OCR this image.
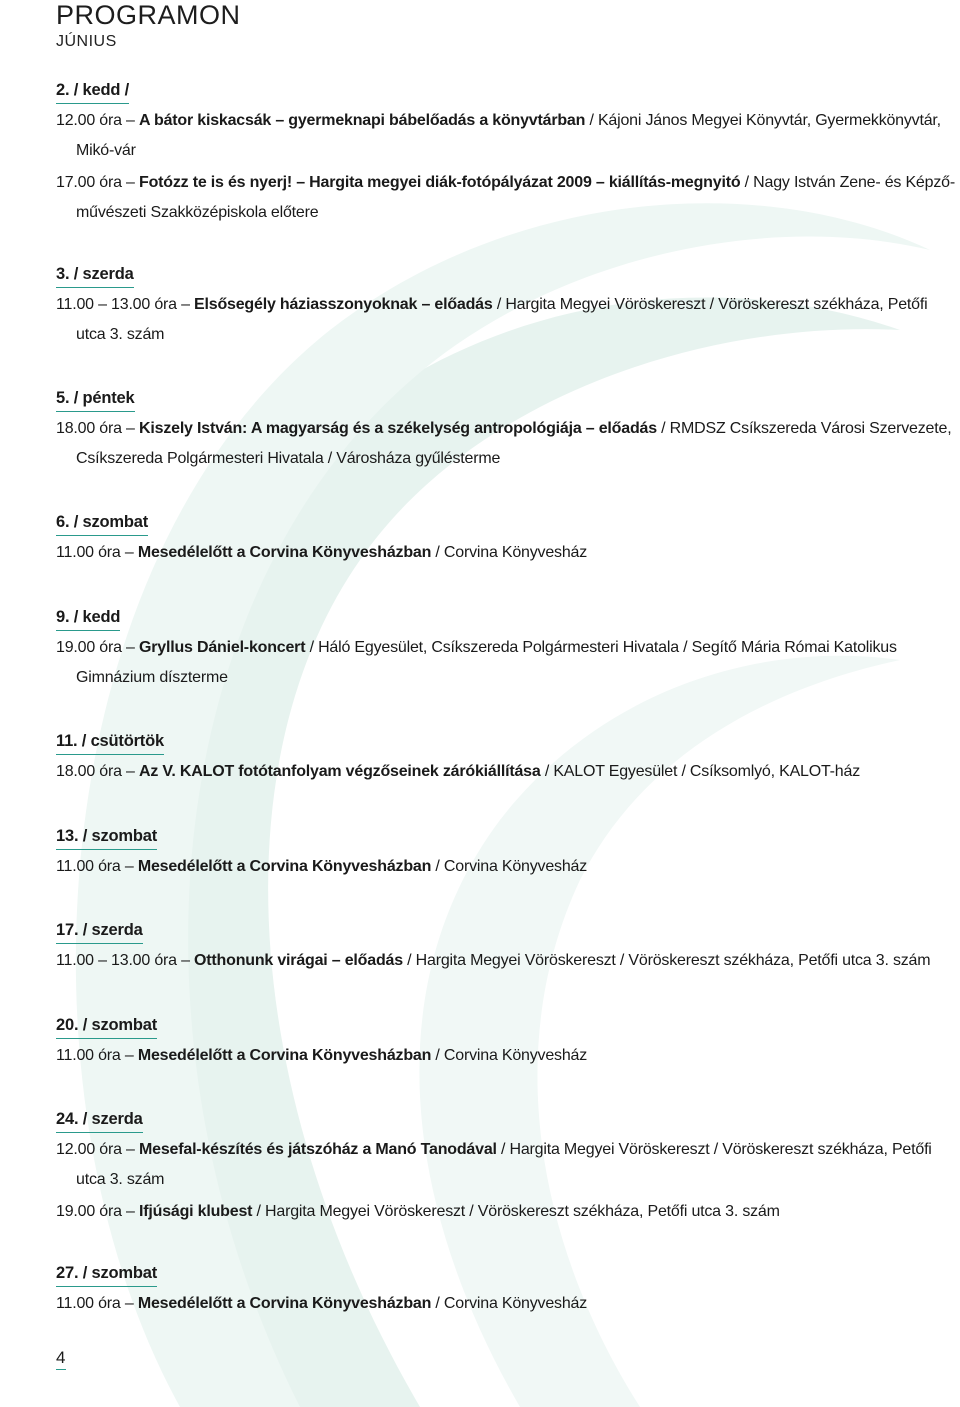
PROGRAMON
JÚNIUS
2. / kedd /
12.00 óra – A bátor kiskacsák – gyermeknapi bábelőadás a könyvtárban / Kájoni János Megyei Könyvtár, Gyermekkönyvtár, Mikó-vár
17.00 óra – Fotózz te is és nyerj! – Hargita megyei diák-fotópályázat 2009 – kiállítás-megnyitó / Nagy István Zene- és Képző-művészeti Szakközépiskola előtere
3. / szerda
11.00 – 13.00 óra – Elsősegély háziasszonyoknak – előadás / Hargita Megyei Vöröskereszt / Vöröskereszt székháza, Petőfi utca 3. szám
5. / péntek
18.00 óra – Kiszely István: A magyarság és a székelység antropológiája – előadás / RMDSZ Csíkszereda Városi Szervezete, Csíkszereda Polgármesteri Hivatala / Városháza gyűlésterme
6. / szombat
11.00 óra – Mesedélelőtt a Corvina Könyvesházban / Corvina Könyvesház
9. / kedd
19.00 óra – Gryllus Dániel-koncert / Háló Egyesület, Csíkszereda Polgármesteri Hivatala / Segítő Mária Római Katolikus Gimnázium díszterme
11. / csütörtök
18.00 óra – Az V. KALOT fotótanfolyam végzőseinek zárókiállítása / KALOT Egyesület / Csíksomlyó, KALOT-ház
13. / szombat
11.00 óra – Mesedélelőtt a Corvina Könyvesházban / Corvina Könyvesház
17. / szerda
11.00 – 13.00 óra – Otthonunk virágai – előadás / Hargita Megyei Vöröskereszt / Vöröskereszt székháza, Petőfi utca 3. szám
20. / szombat
11.00 óra – Mesedélelőtt a Corvina Könyvesházban / Corvina Könyvesház
24. / szerda
12.00 óra – Mesefal-készítés és játszóház a Manó Tanodával / Hargita Megyei Vöröskereszt / Vöröskereszt székháza, Petőfi utca 3. szám
19.00 óra – Ifjúsági klubest / Hargita Megyei Vöröskereszt / Vöröskereszt székháza, Petőfi utca 3. szám
27. / szombat
11.00 óra – Mesedélelőtt a Corvina Könyvesházban / Corvina Könyvesház
4
